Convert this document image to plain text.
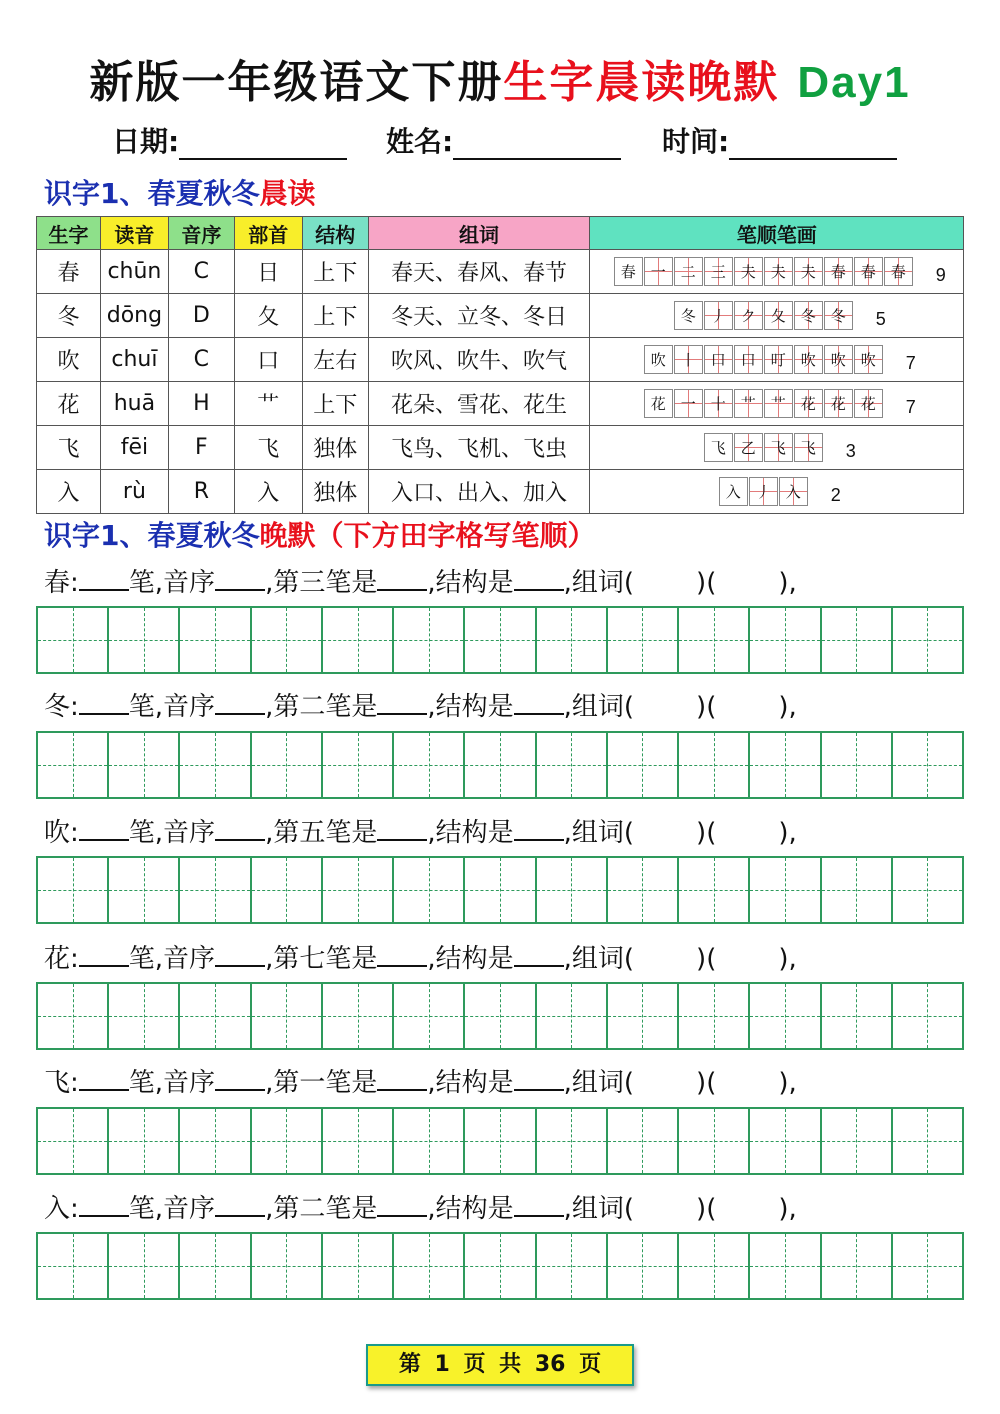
新版一年级语文下册生字晨读晚默 Day1
日期:	姓名:	时间:
识字1、春夏秋冬晨读
生字	读音	音序	部首	结构	组词	笔顺笔画
春	chūn	C	日	上下	春天、春风、春节	春 一 二 三 夫 夫 夫 春 春 春 9
冬	dōng	D	夂	上下	冬天、立冬、冬日	冬 丿 ク 夂 冬 冬 5
吹	chuī	C	口	左右	吹风、吹牛、吹气	吹 丨 口 口 叮 吹 吹 吹 7
花	huā	H	艹	上下	花朵、雪花、花生	花 一 十 艹 艹 花 花 花 7
飞	fēi	F	飞	独体	飞鸟、飞机、飞虫	飞 乙 飞 飞 3
入	rù	R	入	独体	入口、出入、加入	入 丿 入 2
识字1、春夏秋冬晚默（下方田字格写笔顺）
春: 笔,音序 ,第三笔是 ,结构是 ,组词( )( ),
冬: 笔,音序 ,第二笔是 ,结构是 ,组词( )( ),
吹: 笔,音序 ,第五笔是 ,结构是 ,组词( )( ),
花: 笔,音序 ,第七笔是 ,结构是 ,组词( )( ),
飞: 笔,音序 ,第一笔是 ,结构是 ,组词( )( ),
入: 笔,音序 ,第二笔是 ,结构是 ,组词( )( ),
第 1 页 共 36 页
